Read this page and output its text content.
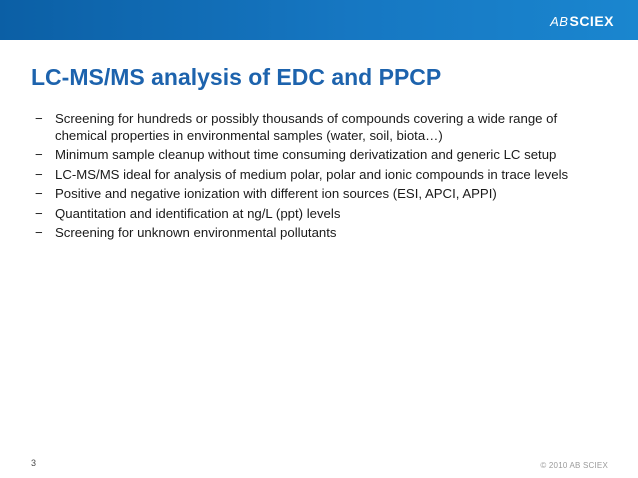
AB SCIEX
LC-MS/MS analysis of EDC and PPCP
− Screening for hundreds or possibly thousands of compounds covering a wide range of chemical properties in environmental samples (water, soil, biota…)
− Minimum sample cleanup without time consuming derivatization and generic LC setup
− LC-MS/MS ideal for analysis of medium polar, polar and ionic compounds in trace levels
− Positive and negative ionization with different ion sources (ESI, APCI, APPI)
− Quantitation and identification at ng/L (ppt) levels
− Screening for unknown environmental pollutants
3	© 2010 AB SCIEX
